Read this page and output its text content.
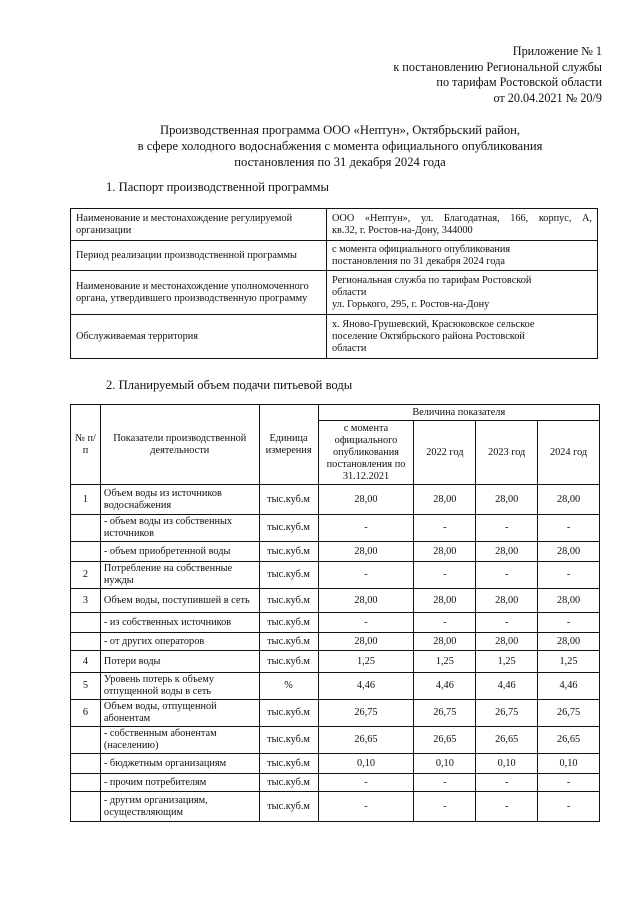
Приложение № 1
к постановлению Региональной службы
по тарифам Ростовской области
от 20.04.2021 № 20/9
Производственная программа ООО «Нептун», Октябрьский район,
в сфере холодного водоснабжения с момента официального опубликования
постановления по 31 декабря 2024 года
1. Паспорт производственной программы
Наименование и местонахождение регулируемой организации	ООО «Нептун», ул. Благодатная, 166, корпус, А,
кв.32, г. Ростов-на-Дону, 344000

Период реализации производственной программы	с момента официального опубликования
постановления по 31 декабря 2024 года

Наименование и местонахождение уполномоченного органа, утвердившего производственную программу	Региональная служба по тарифам Ростовской
области
ул. Горького, 295, г. Ростов-на-Дону

Обслуживаемая территория	х. Яново-Грушевский, Красюковское сельское
поселение Октябрьского района Ростовской
области
2. Планируемый объем подачи питьевой воды
№ п/п	Показатели производственной деятельности	Единица измерения	Величина показателя			
			с момента официального опубликования постановления по 31.12.2021	2022 год	2023 год	2024 год
1	Объем воды из источников водоснабжения	тыс.куб.м	28,00	28,00	28,00	28,00
	- объем воды из собственных источников	тыс.куб.м	-	-	-	-
	- объем приобретенной воды	тыс.куб.м	28,00	28,00	28,00	28,00
2	Потребление на собственные нужды	тыс.куб.м	-	-	-	-
3	Объем воды, поступившей в сеть	тыс.куб.м	28,00	28,00	28,00	28,00
	- из собственных источников	тыс.куб.м	-	-	-	-
	- от других операторов	тыс.куб.м	28,00	28,00	28,00	28,00
4	Потери воды	тыс.куб.м	1,25	1,25	1,25	1,25
5	Уровень потерь к объему отпущенной воды в сеть	%	4,46	4,46	4,46	4,46
6	Объем воды, отпущенной абонентам	тыс.куб.м	26,75	26,75	26,75	26,75
	- собственным абонентам (населению)	тыс.куб.м	26,65	26,65	26,65	26,65
	- бюджетным организациям	тыс.куб.м	0,10	0,10	0,10	0,10
	- прочим потребителям	тыс.куб.м	-	-	-	-
	- другим организациям, осуществляющим	тыс.куб.м	-	-	-	-
